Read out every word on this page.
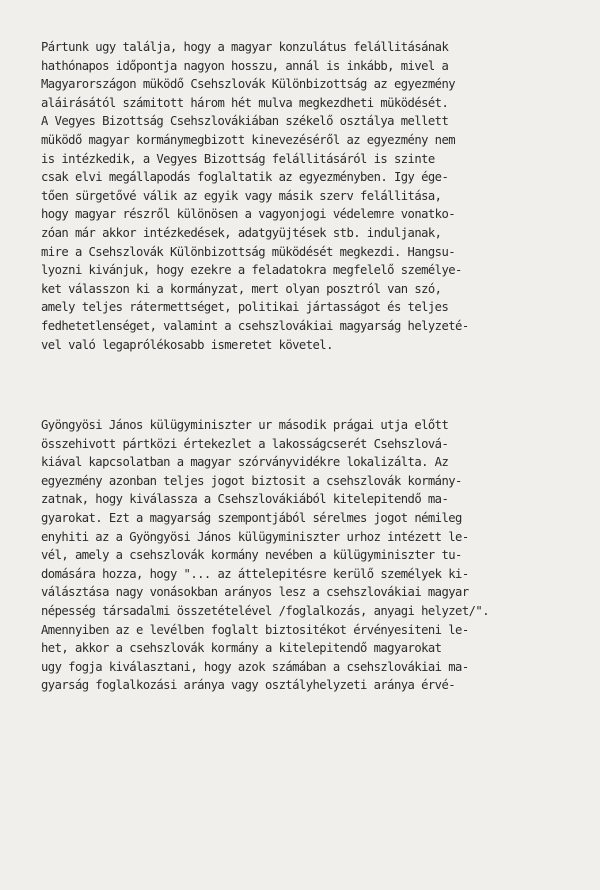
Pártunk ugy találja, hogy a magyar konzulátus felállitásának
hathónapos időpontja nagyon hosszu, annál is inkább, mivel a
Magyarországon müködő Csehszlovák Különbizottság az egyezmény
aláirásától számitott három hét mulva megkezdheti müködését.
A Vegyes Bizottság Csehszlovákiában székelő osztálya mellett
müködő magyar kormánymegbizott kinevezéséről az egyezmény nem
is intézkedik, a Vegyes Bizottság felállitásáról is szinte
csak elvi megállapodás foglaltatik az egyezményben. Igy ége-
tően sürgetővé válik az egyik vagy másik szerv felállitása,
hogy magyar részről különösen a vagyonjogi védelemre vonatko-
zóan már akkor intézkedések, adatgyüjtések stb. induljanak,
mire a Csehszlovák Különbizottság müködését megkezdi. Hangsu-
lyozni kivánjuk, hogy ezekre a feladatokra megfelelő személye-
ket válasszon ki a kormányzat, mert olyan posztról van szó,
amely teljes rátermettséget, politikai jártasságot és teljes
fedhetetlenséget, valamint a csehszlovákiai magyarság helyzeté-
vel való legaprólékosabb ismeretet követel.
Gyöngyösi János külügyminiszter ur második prágai utja előtt
összehivott pártközi értekezlet a lakosságcserét Csehszlová-
kiával kapcsolatban a magyar szórványvidékre lokalizálta. Az
egyezmény azonban teljes jogot biztosit a csehszlovák kormány-
zatnak, hogy kiválassza a Csehszlovákiából kitelepitendő ma-
gyarokat. Ezt a magyarság szempontjából sérelmes jogot némileg
enyhiti az a Gyöngyösi János külügyminiszter urhoz intézett le-
vél, amely a csehszlovák kormány nevében a külügyminiszter tu-
domására hozza, hogy "... az áttelepitésre kerülő személyek ki-
válásztása nagy vonásokban arányos lesz a csehszlovákiai magyar
népesség társadalmi összetételével /foglalkozás, anyagi helyzet/".
Amennyiben az e levélben foglalt biztositékot érvényesiteni le-
het, akkor a csehszlovák kormány a kitelepitendő magyarokat
ugy fogja kiválasztani, hogy azok számában a csehszlovákiai ma-
gyarság foglalkozási aránya vagy osztályhelyzeti aránya érvé-
